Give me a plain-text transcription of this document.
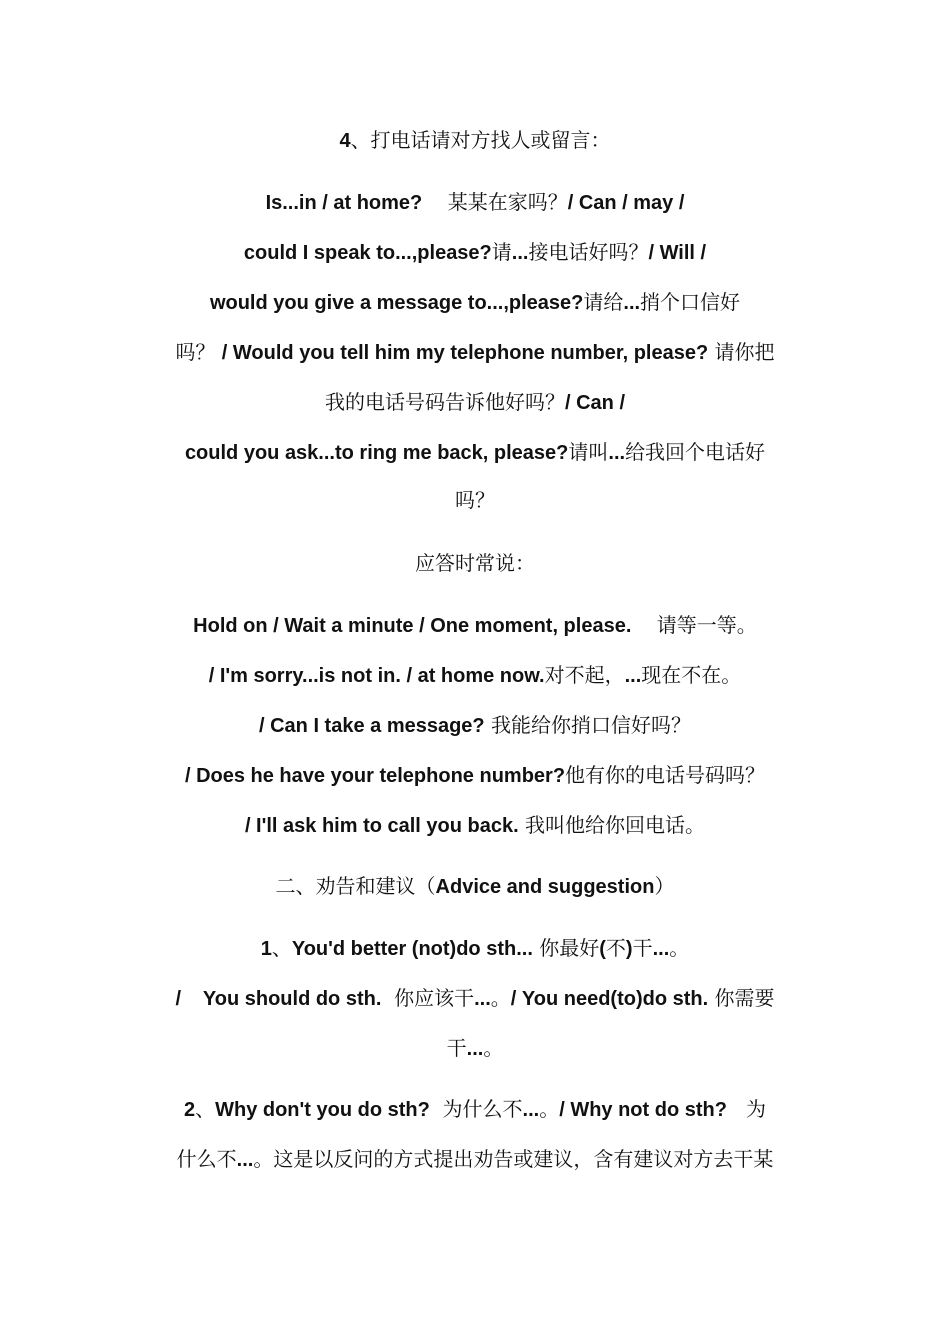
4、打电话请对方找人或留言：
Is...in / at home?    某某在家吗？/ Can / may /
could I speak to...,please?请...接电话好吗？/ Will /
would you give a message to...,please?请给...捎个口信好
吗？ / Would you tell him my telephone number, please? 请你把
我的电话号码告诉他好吗？/ Can /
could you ask...to ring me back, please?请叫...给我回个电话好
吗？
应答时常说：
Hold on / Wait a minute / One moment, please.    请等一等。
/ I'm sorry...is not in. / at home now.对不起，...现在不在。
/ Can I take a message? 我能给你捎口信好吗？
/ Does he have your telephone number?他有你的电话号码吗？
/ I'll ask him to call you back. 我叫他给你回电话。
二、劝告和建议（Advice and suggestion）
1、You'd better (not)do sth... 你最好(不)干...。
/    You should do sth.  你应该干...。/ You need(to)do sth. 你需要
干...。
2、Why don't you do sth?  为什么不...。/ Why not do sth?   为
什么不...。这是以反问的方式提出劝告或建议，含有建议对方去干某
